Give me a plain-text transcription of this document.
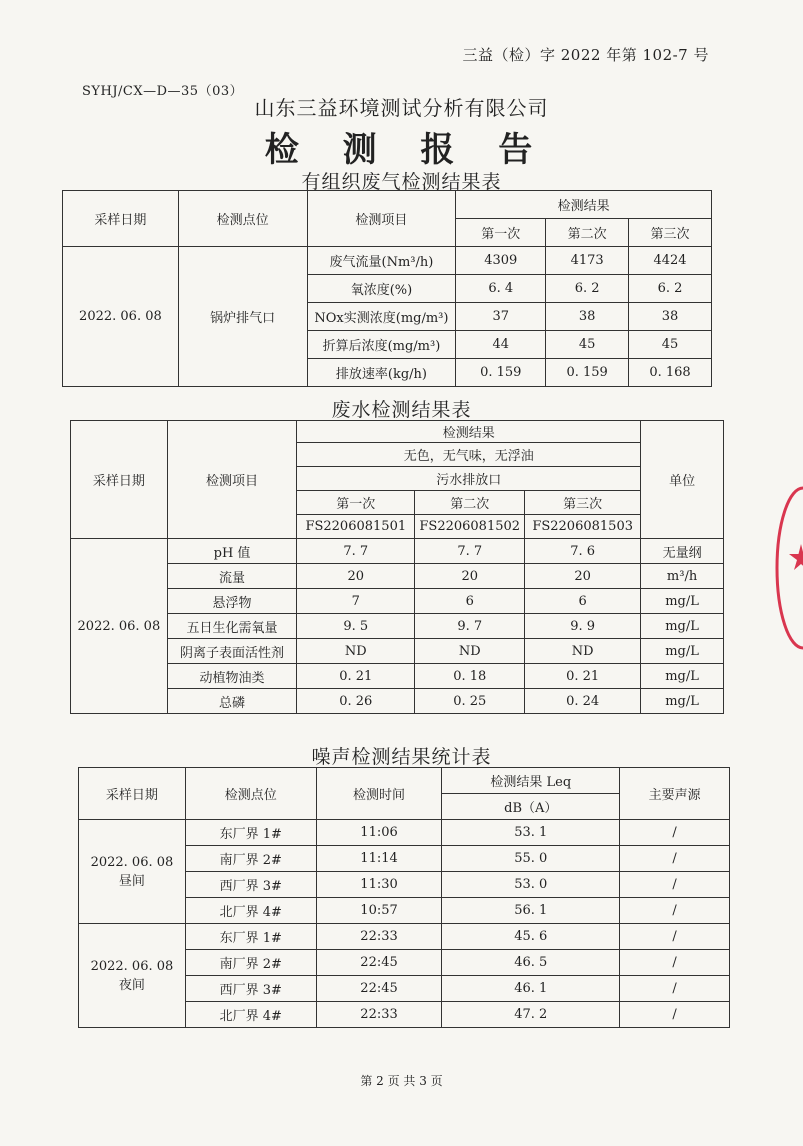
三益（检）字 2022 年第 102-7 号
SYHJ/CX—D—35（03）
山东三益环境测试分析有限公司
检 测 报 告
有组织废气检测结果表
采样日期	检测点位	检测项目	检测结果		
			第一次	第二次	第三次
2022. 06. 08	锅炉排气口	废气流量(Nm³/h)	4309	4173	4424
		氧浓度(%)	6. 4	6. 2	6. 2
		NOx实测浓度(mg/m³)	37	38	38
		折算后浓度(mg/m³)	44	45	45
		排放速率(kg/h)	0. 159	0. 159	0. 168
废水检测结果表
采样日期	检测项目	检测结果			单位
		无色，无气味，无浮油			
		污水排放口			
		第一次	第二次	第三次	
		FS2206081501	FS2206081502	FS2206081503	
2022. 06. 08	pH 值	7. 7	7. 7	7. 6	无量纲
	流量	20	20	20	m³/h
	悬浮物	7	6	6	mg/L
	五日生化需氧量	9. 5	9. 7	9. 9	mg/L
	阴离子表面活性剂	ND	ND	ND	mg/L
	动植物油类	0. 21	0. 18	0. 21	mg/L
	总磷	0. 26	0. 25	0. 24	mg/L
噪声检测结果统计表
采样日期	检测点位	检测时间	检测结果 Leq	主要声源
			dB（A）	

2022. 06. 08
昼间	东厂界 1#	11:06	53. 1	/
	南厂界 2#	11:14	55. 0	/
	西厂界 3#	11:30	53. 0	/
	北厂界 4#	10:57	56. 1	/

2022. 06. 08
夜间	东厂界 1#	22:33	45. 6	/
	南厂界 2#	22:45	46. 5	/
	西厂界 3#	22:45	46. 1	/
	北厂界 4#	22:33	47. 2	/
第 2 页 共 3 页
